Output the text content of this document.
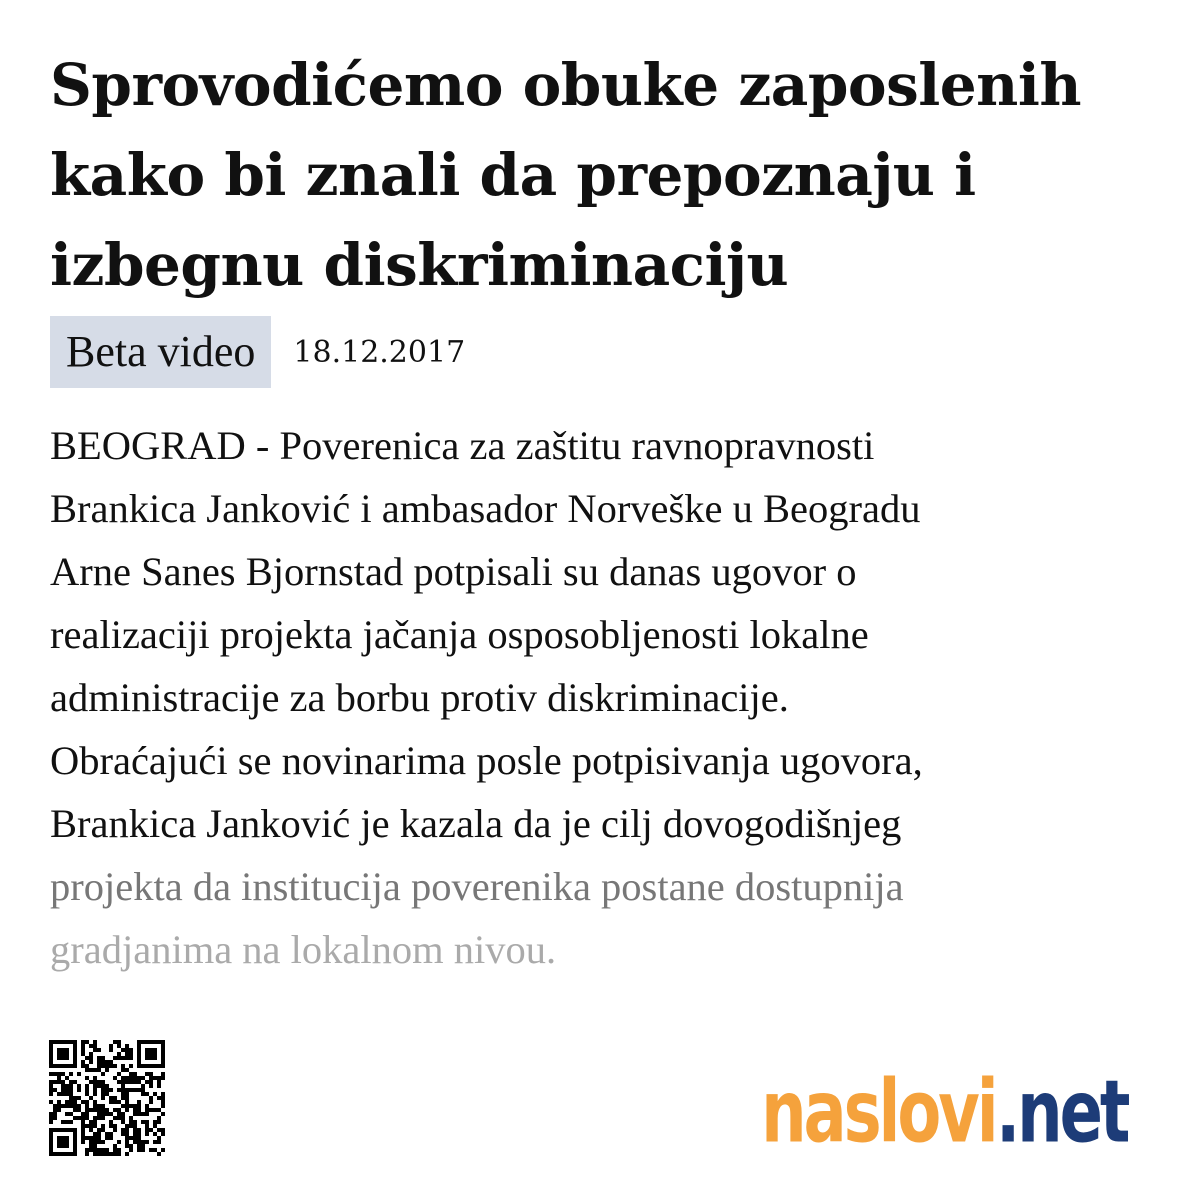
Sprovodićemo obuke zaposlenih kako bi znali da prepoznaju i izbegnu diskriminaciju
Beta video	18.12.2017

BEOGRAD - Poverenica za zaštitu ravnopravnosti
Brankica Janković i ambasador Norveške u Beogradu
Arne Sanes Bjornstad potpisali su danas ugovor o
realizaciji projekta jačanja osposobljenosti lokalne
administracije za borbu protiv diskriminacije.
Obraćajući se novinarima posle potpisivanja ugovora,
Brankica Janković je kazala da je cilj dovogodišnjeg
projekta da institucija poverenika postane dostupnija
gradjanima na lokalnom nivou.

naslovi .net
